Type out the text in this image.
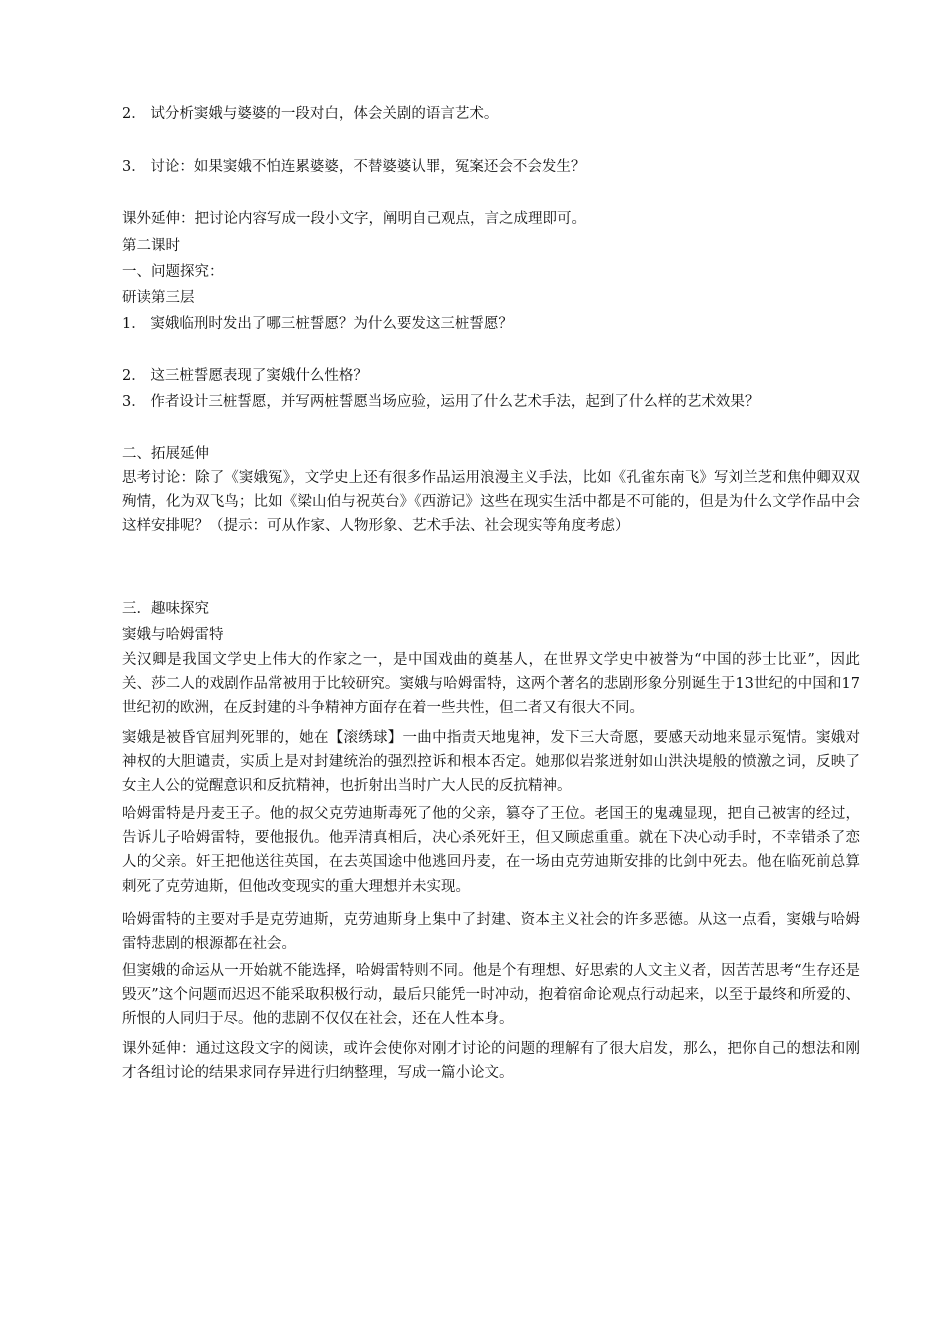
2． 试分析窦娥与婆婆的一段对白，体会关剧的语言艺术。
3． 讨论：如果窦娥不怕连累婆婆，不替婆婆认罪，冤案还会不会发生？
课外延伸：把讨论内容写成一段小文字，阐明自己观点，言之成理即可。
第二课时
一、问题探究：
研读第三层
1． 窦娥临刑时发出了哪三桩誓愿？为什么要发这三桩誓愿？
2． 这三桩誓愿表现了窦娥什么性格？
3． 作者设计三桩誓愿，并写两桩誓愿当场应验，运用了什么艺术手法，起到了什么样的艺术效果？
二、拓展延伸
思考讨论：除了《窦娥冤》，文学史上还有很多作品运用浪漫主义手法，比如《孔雀东南飞》写刘兰芝和焦仲卿双双殉情，化为双飞鸟；比如《梁山伯与祝英台》《西游记》这些在现实生活中都是不可能的，但是为什么文学作品中会这样安排呢？（提示：可从作家、人物形象、艺术手法、社会现实等角度考虑）
三．趣味探究
窦娥与哈姆雷特
关汉卿是我国文学史上伟大的作家之一，是中国戏曲的奠基人，在世界文学史中被誉为“中国的莎士比亚”，因此关、莎二人的戏剧作品常被用于比较研究。窦娥与哈姆雷特，这两个著名的悲剧形象分别诞生于13世纪的中国和17世纪初的欧洲，在反封建的斗争精神方面存在着一些共性，但二者又有很大不同。
窦娥是被昏官屈判死罪的，她在【滚绣球】一曲中指责天地鬼神，发下三大奇愿，要感天动地来显示冤情。窦娥对神权的大胆谴责，实质上是对封建统治的强烈控诉和根本否定。她那似岩浆迸射如山洪決堤般的愤激之词，反映了女主人公的觉醒意识和反抗精神，也折射出当时广大人民的反抗精神。
哈姆雷特是丹麦王子。他的叔父克劳迪斯毒死了他的父亲，篡夺了王位。老国王的鬼魂显现，把自己被害的经过，告诉儿子哈姆雷特，要他报仇。他弄清真相后，决心杀死奸王，但又顾虑重重。就在下决心动手时，不幸错杀了恋人的父亲。奸王把他送往英国，在去英国途中他逃回丹麦，在一场由克劳迪斯安排的比剑中死去。他在临死前总算刺死了克劳迪斯，但他改变现实的重大理想并未实现。
哈姆雷特的主要对手是克劳迪斯，克劳迪斯身上集中了封建、资本主义社会的许多恶德。从这一点看，窦娥与哈姆雷特悲剧的根源都在社会。
但窦娥的命运从一开始就不能选择，哈姆雷特则不同。他是个有理想、好思索的人文主义者，因苦苦思考“生存还是毁灭”这个问题而迟迟不能采取积极行动，最后只能凭一时冲动，抱着宿命论观点行动起来，以至于最终和所爱的、所恨的人同归于尽。他的悲剧不仅仅在社会，还在人性本身。
课外延伸：通过这段文字的阅读，或许会使你对刚才讨论的问题的理解有了很大启发，那么，把你自己的想法和刚才各组讨论的结果求同存异进行归纳整理，写成一篇小论文。
